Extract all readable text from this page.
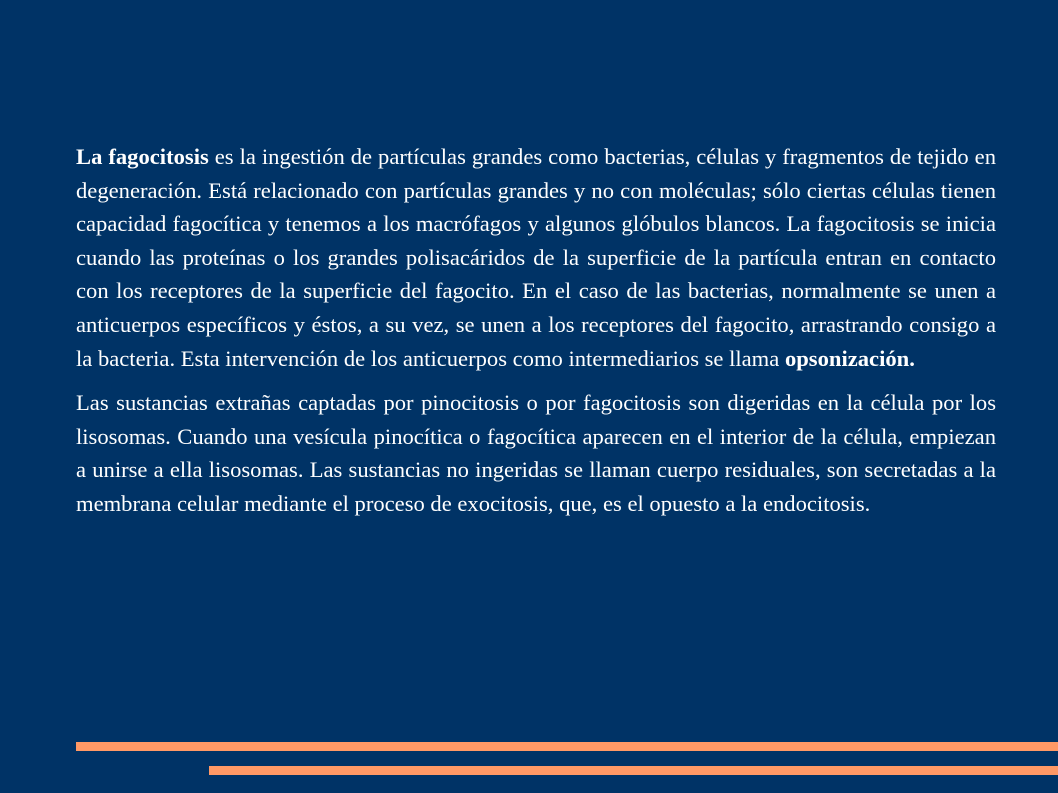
La fagocitosis es la ingestión de partículas grandes como bacterias, células y fragmentos de tejido en degeneración. Está relacionado con partículas grandes y no con moléculas; sólo ciertas células tienen capacidad fagocítica y tenemos a los macrófagos y algunos glóbulos blancos. La fagocitosis se inicia cuando las proteínas o los grandes polisacáridos de la superficie de la partícula entran en contacto con los receptores de la superficie del fagocito. En el caso de las bacterias, normalmente se unen a anticuerpos específicos y éstos, a su vez, se unen a los receptores del fagocito, arrastrando consigo a la bacteria. Esta intervención de los anticuerpos como intermediarios se llama opsonización.

Las sustancias extrañas captadas por pinocitosis o por fagocitosis son digeridas en la célula por los lisosomas. Cuando una vesícula pinocítica o fagocítica aparecen en el interior de la célula, empiezan a unirse a ella lisosomas. Las sustancias no ingeridas se llaman cuerpo residuales, son secretadas a la membrana celular mediante el proceso de exocitosis, que, es el opuesto a la endocitosis.
